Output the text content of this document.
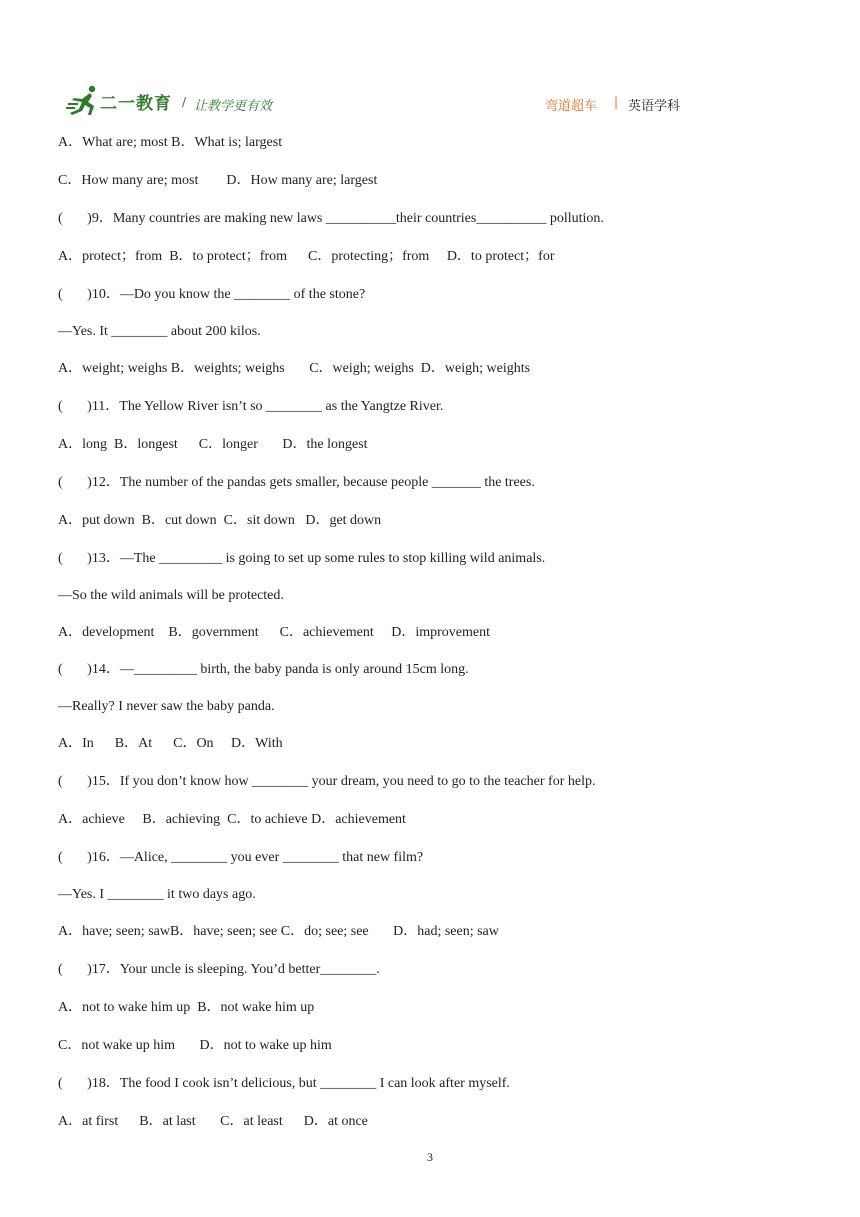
二一教育 / 让教学更有效	弯道超车 | 英语学科
A．What are; most B．What is; largest
C．How many are; most        D．How many are; largest
(       )9．Many countries are making new laws __________their countries__________ pollution.
A．protect；from  B．to protect；from      C．protecting；from     D．to protect；for
(       )10．—Do you know the ________ of the stone?
—Yes. It ________ about 200 kilos.
A．weight; weighs B．weights; weighs       C．weigh; weighs  D．weigh; weights
(       )11．The Yellow River isn’t so ________ as the Yangtze River.
A．long  B．longest      C．longer       D．the longest
(       )12．The number of the pandas gets smaller, because people _______ the trees.
A．put down  B．cut down  C．sit down   D．get down
(       )13．—The _________ is going to set up some rules to stop killing wild animals.
—So the wild animals will be protected.
A．development    B．government      C．achievement     D．improvement
(       )14．—_________ birth, the baby panda is only around 15cm long.
—Really? I never saw the baby panda.
A．In      B．At      C．On     D．With
(       )15．If you don’t know how ________ your dream, you need to go to the teacher for help.
A．achieve     B．achieving  C．to achieve D．achievement
(       )16．—Alice, ________ you ever ________ that new film?
—Yes. I ________ it two days ago.
A．have; seen; sawB．have; seen; see C．do; see; see       D．had; seen; saw
(       )17．Your uncle is sleeping. You’d better________.
A．not to wake him up  B．not wake him up
C．not wake up him       D．not to wake up him
(       )18．The food I cook isn’t delicious, but ________ I can look after myself.
A．at first      B．at last       C．at least      D．at once
3
